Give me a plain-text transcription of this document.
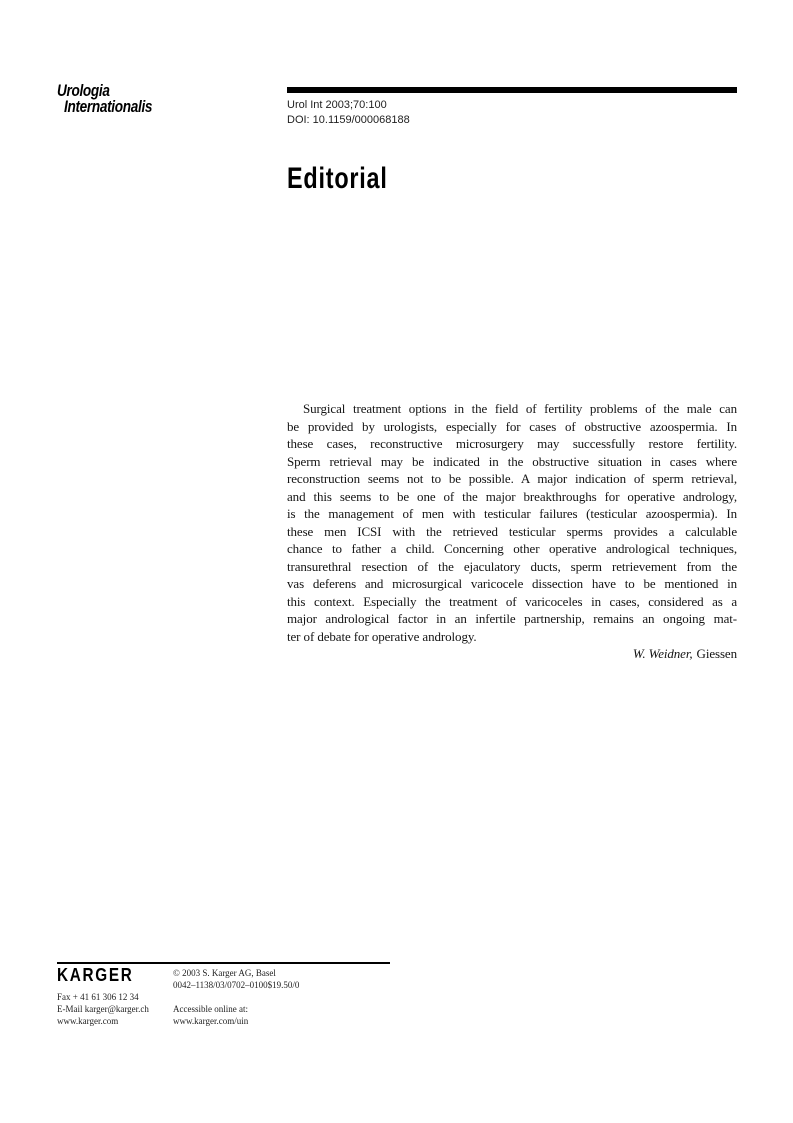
Urologia
Internationalis	Urol Int 2003;70:100
DOI: 10.1159/000068188
Editorial
Surgical treatment options in the field of fertility problems of the male can
be provided by urologists, especially for cases of obstructive azoospermia. In
these cases, reconstructive microsurgery may successfully restore fertility.
Sperm retrieval may be indicated in the obstructive situation in cases where
reconstruction seems not to be possible. A major indication of sperm retrieval,
and this seems to be one of the major breakthroughs for operative andrology,
is the management of men with testicular failures (testicular azoospermia). In
these men ICSI with the retrieved testicular sperms provides a calculable
chance to father a child. Concerning other operative andrological techniques,
transurethral resection of the ejaculatory ducts, sperm retrievement from the
vas deferens and microsurgical varicocele dissection have to be mentioned in
this context. Especially the treatment of varicoceles in cases, considered as a
major andrological factor in an infertile partnership, remains an ongoing mat-
ter of debate for operative andrology.
W. Weidner, Giessen
KARGER
Fax + 41 61 306 12 34
E-Mail karger@karger.ch
www.karger.com
© 2003 S. Karger AG, Basel
0042–1138/03/0702–0100$19.50/0
Accessible online at:
www.karger.com/uin
